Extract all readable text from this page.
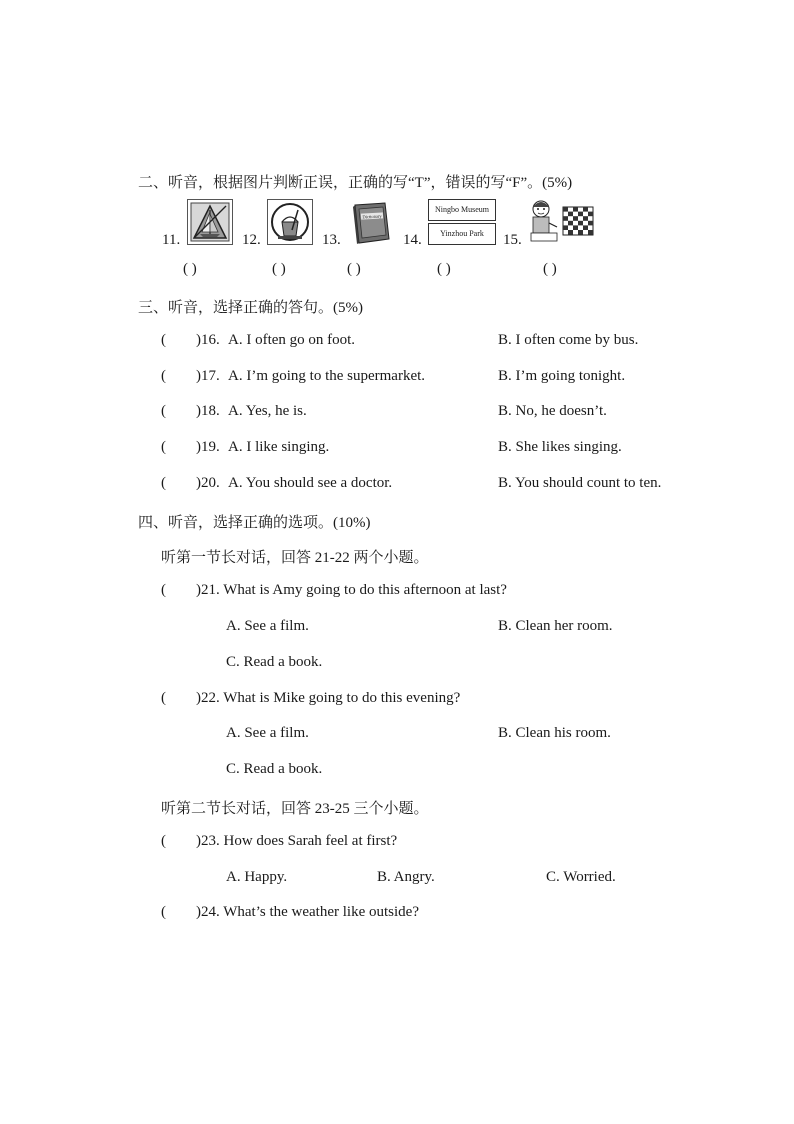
二、听音，根据图片判断正误，正确的写“T”，错误的写“F”。(5%)
11.
( )
12.
( )
13.
Dictionary
( )
14.
Ningbo Museum
Yinzhou Park
( )
15.
( )
三、听音，选择正确的答句。(5%)
( )16. A. I often go on foot.	B. I often come by bus.
( )17. A. I’m going to the supermarket.	B. I’m going tonight.
( )18. A. Yes, he is.	B. No, he doesn’t.
( )19. A. I like singing.	B. She likes singing.
( )20. A. You should see a doctor.	B. You should count to ten.
四、听音，选择正确的选项。(10%)
听第一节长对话，回答 21-22 两个小题。
( )21. What is Amy going to do this afternoon at last?
A. See a film.	B. Clean her room.
C. Read a book.
( )22. What is Mike going to do this evening?
A. See a film.	B. Clean his room.
C. Read a book.
听第二节长对话，回答 23-25 三个小题。
( )23. How does Sarah feel at first?
A. Happy.	B. Angry.	C. Worried.
( )24. What’s the weather like outside?
